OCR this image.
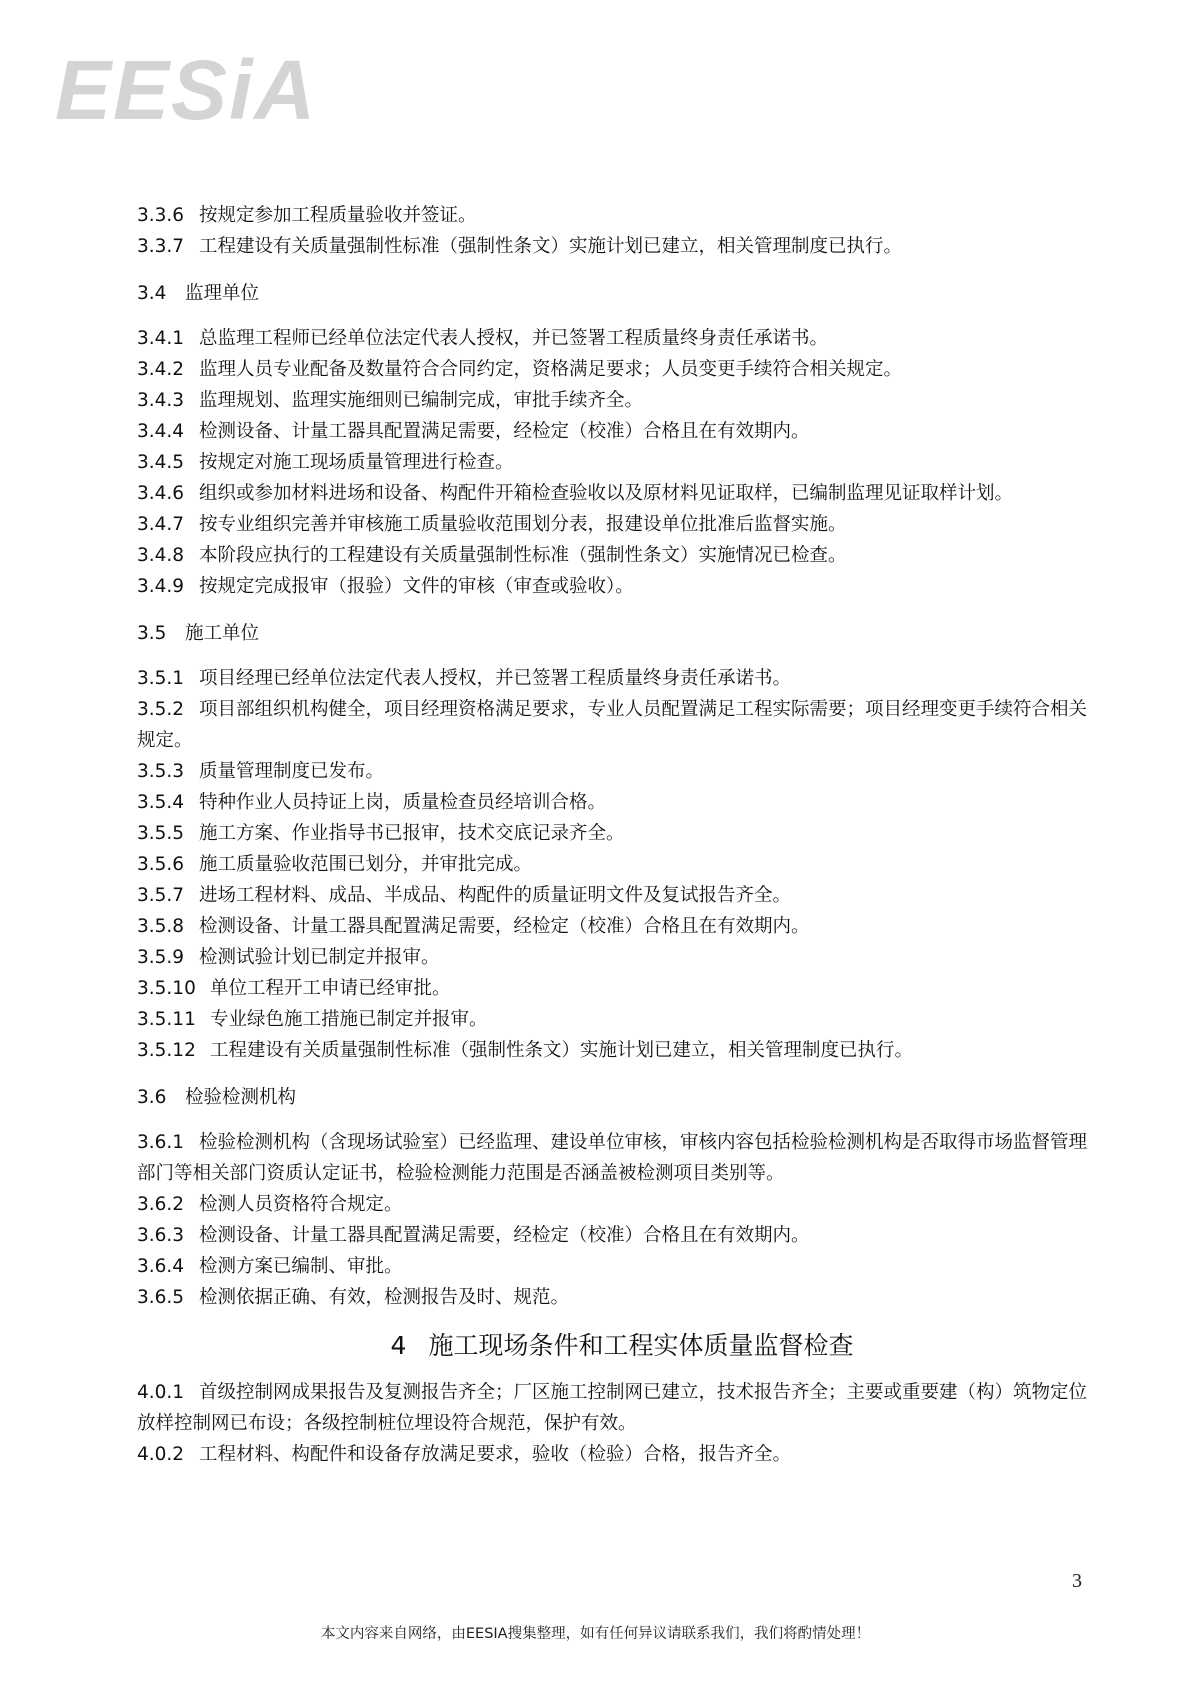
EESiA

3.3.6 按规定参加工程质量验收并签证。

3.3.7 工程建设有关质量强制性标准（强制性条文）实施计划已建立，相关管理制度已执行。

3.4 监理单位

3.4.1 总监理工程师已经单位法定代表人授权，并已签署工程质量终身责任承诺书。

3.4.2 监理人员专业配备及数量符合合同约定，资格满足要求；人员变更手续符合相关规定。

3.4.3 监理规划、监理实施细则已编制完成，审批手续齐全。

3.4.4 检测设备、计量工器具配置满足需要，经检定（校准）合格且在有效期内。

3.4.5 按规定对施工现场质量管理进行检查。

3.4.6 组织或参加材料进场和设备、构配件开箱检查验收以及原材料见证取样，已编制监理见证取样计划。

3.4.7 按专业组织完善并审核施工质量验收范围划分表，报建设单位批准后监督实施。

3.4.8 本阶段应执行的工程建设有关质量强制性标准（强制性条文）实施情况已检查。

3.4.9 按规定完成报审（报验）文件的审核（审查或验收）。

3.5 施工单位

3.5.1 项目经理已经单位法定代表人授权，并已签署工程质量终身责任承诺书。

3.5.2 项目部组织机构健全，项目经理资格满足要求，专业人员配置满足工程实际需要；项目经理变更手续符合相关规定。

3.5.3 质量管理制度已发布。

3.5.4 特种作业人员持证上岗，质量检查员经培训合格。

3.5.5 施工方案、作业指导书已报审，技术交底记录齐全。

3.5.6 施工质量验收范围已划分，并审批完成。

3.5.7 进场工程材料、成品、半成品、构配件的质量证明文件及复试报告齐全。

3.5.8 检测设备、计量工器具配置满足需要，经检定（校准）合格且在有效期内。

3.5.9 检测试验计划已制定并报审。

3.5.10 单位工程开工申请已经审批。

3.5.11 专业绿色施工措施已制定并报审。

3.5.12 工程建设有关质量强制性标准（强制性条文）实施计划已建立，相关管理制度已执行。

3.6 检验检测机构

3.6.1 检验检测机构（含现场试验室）已经监理、建设单位审核，审核内容包括检验检测机构是否取得市场监督管理部门等相关部门资质认定证书，检验检测能力范围是否涵盖被检测项目类别等。

3.6.2 检测人员资格符合规定。

3.6.3 检测设备、计量工器具配置满足需要，经检定（校准）合格且在有效期内。

3.6.4 检测方案已编制、审批。

3.6.5 检测依据正确、有效，检测报告及时、规范。

4 施工现场条件和工程实体质量监督检查

4.0.1 首级控制网成果报告及复测报告齐全；厂区施工控制网已建立，技术报告齐全；主要或重要建（构）筑物定位放样控制网已布设；各级控制桩位埋设符合规范，保护有效。

4.0.2 工程材料、构配件和设备存放满足要求，验收（检验）合格，报告齐全。

3
本文内容来自网络，由EESIA搜集整理，如有任何异议请联系我们，我们将酌情处理！
